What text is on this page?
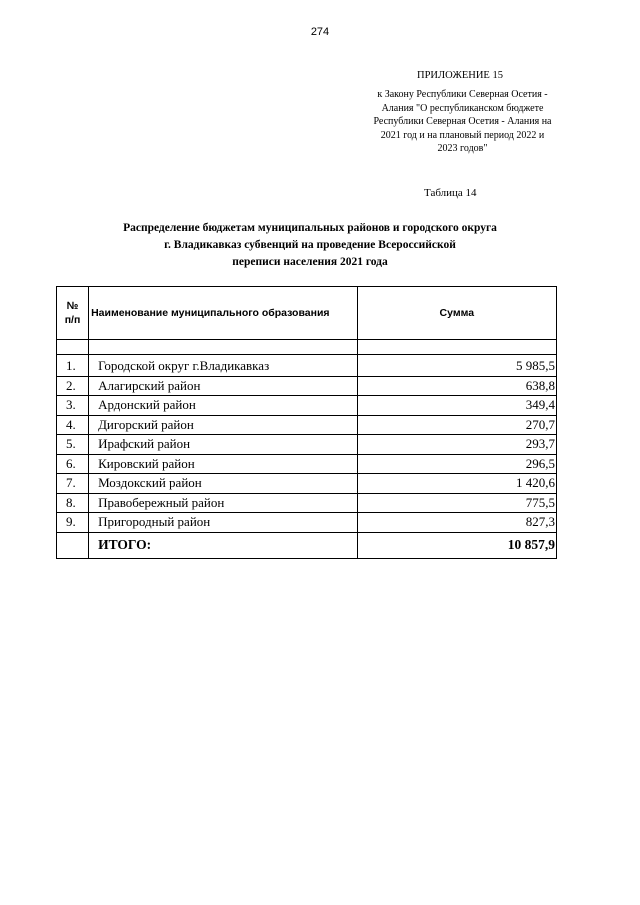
274
ПРИЛОЖЕНИЕ 15
к Закону Республики Северная Осетия -
Алания "О республиканском бюджете
Республики Северная Осетия - Алания на
2021 год и на плановый период 2022 и
2023 годов"
Таблица 14
Распределение бюджетам муниципальных районов и городского округа
г. Владикавказ субвенций на проведение Всероссийской
переписи населения 2021 года
№
п/п	Наименование муниципального образования	Сумма

1.	Городской округ г.Владикавказ	5 985,5
2.	Алагирский район	638,8
3.	Ардонский район	349,4
4.	Дигорский район	270,7
5.	Ирафский район	293,7
6.	Кировский район	296,5
7.	Моздокский район	1 420,6
8.	Правобережный район	775,5
9.	Пригородный район	827,3
	ИТОГО:	10 857,9
